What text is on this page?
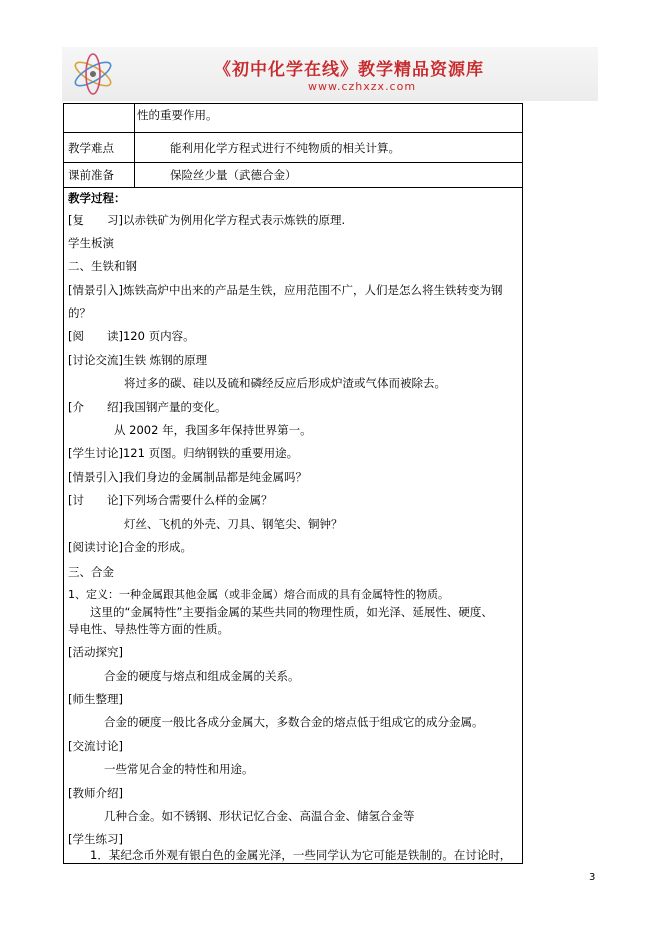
《初中化学在线》教学精品资源库
www.czhxzx.com
性的重要作用。
教学难点	能利用化学方程式进行不纯物质的相关计算。
课前准备	保险丝少量（武德合金）
教学过程：
[复　　习]以赤铁矿为例用化学方程式表示炼铁的原理.
学生板演
二、生铁和钢
[情景引入]炼铁高炉中出来的产品是生铁，应用范围不广，人们是怎么将生铁转变为钢
的？
[阅　　读]120 页内容。
[讨论交流]生铁 炼钢的原理
将过多的碳、硅以及硫和磷经反应后形成炉渣或气体而被除去。
[介　　绍]我国钢产量的变化。
从 2002 年，我国多年保持世界第一。
[学生讨论]121 页图。归纳钢铁的重要用途。
[情景引入]我们身边的金属制品都是纯金属吗？
[讨　　论]下列场合需要什么样的金属？
灯丝、飞机的外壳、刀具、钢笔尖、铜钟？
[阅读讨论]合金的形成。
三、合金
1、定义：一种金属跟其他金属（或非金属）熔合而成的具有金属特性的物质。
这里的“金属特性”主要指金属的某些共同的物理性质，如光泽、延展性、硬度、
导电性、导热性等方面的性质。
[活动探究]
合金的硬度与熔点和组成金属的关系。
[师生整理]
合金的硬度一般比各成分金属大，多数合金的熔点低于组成它的成分金属。
[交流讨论]
一些常见合金的特性和用途。
[教师介绍]
几种合金。如不锈钢、形状记忆合金、高温合金、储氢合金等
[学生练习]
1．某纪念币外观有银白色的金属光泽，一些同学认为它可能是铁制的。在讨论时，
3
